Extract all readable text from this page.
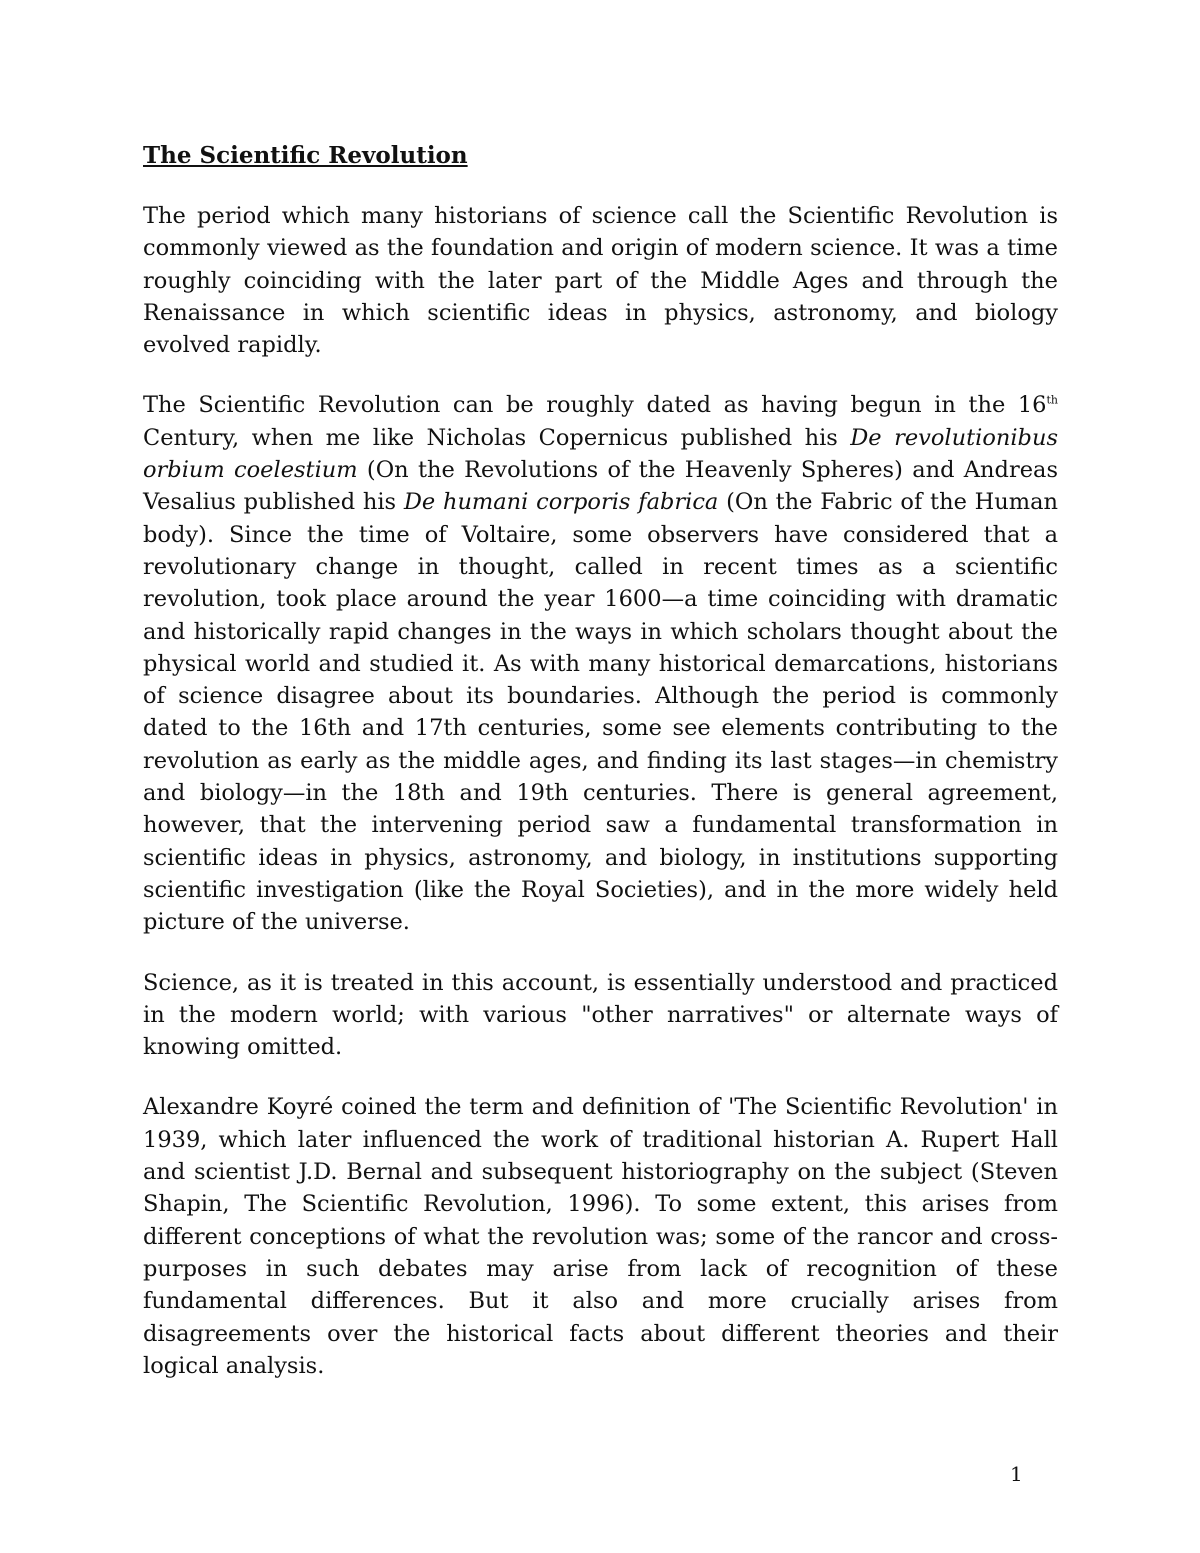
The Scientific Revolution

The period which many historians of science call the Scientific Revolution is commonly viewed as the foundation and origin of modern science. It was a time roughly coinciding with the later part of the Middle Ages and through the Renaissance in which scientific ideas in physics, astronomy, and biology evolved rapidly.

The Scientific Revolution can be roughly dated as having begun in the 16th Century, when me like Nicholas Copernicus published his De revolutionibus orbium coelestium (On the Revolutions of the Heavenly Spheres) and Andreas Vesalius published his De humani corporis fabrica (On the Fabric of the Human body). Since the time of Voltaire, some observers have considered that a revolutionary change in thought, called in recent times as a scientific revolution, took place around the year 1600—a time coinciding with dramatic and historically rapid changes in the ways in which scholars thought about the physical world and studied it. As with many historical demarcations, historians of science disagree about its boundaries. Although the period is commonly dated to the 16th and 17th centuries, some see elements contributing to the revolution as early as the middle ages, and finding its last stages—in chemistry and biology—in the 18th and 19th centuries. There is general agreement, however, that the intervening period saw a fundamental transformation in scientific ideas in physics, astronomy, and biology, in institutions supporting scientific investigation (like the Royal Societies), and in the more widely held picture of the universe.

Science, as it is treated in this account, is essentially understood and practiced in the modern world; with various "other narratives" or alternate ways of knowing omitted.

Alexandre Koyré coined the term and definition of 'The Scientific Revolution' in 1939, which later influenced the work of traditional historian A. Rupert Hall and scientist J.D. Bernal and subsequent historiography on the subject (Steven Shapin, The Scientific Revolution, 1996). To some extent, this arises from different conceptions of what the revolution was; some of the rancor and cross-purposes in such debates may arise from lack of recognition of these fundamental differences. But it also and more crucially arises from disagreements over the historical facts about different theories and their logical analysis.

1
